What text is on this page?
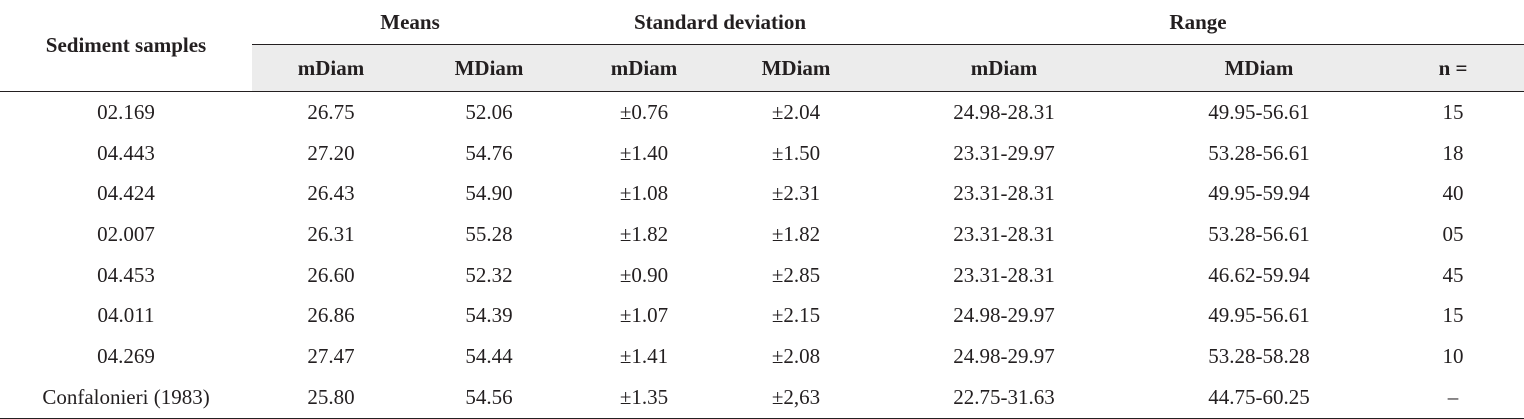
Sediment samples	Means		Standard deviation		Range		
	mDiam	MDiam	mDiam	MDiam	mDiam	MDiam	n =
02.169	26.75	52.06	±0.76	±2.04	24.98-28.31	49.95-56.61	15
04.443	27.20	54.76	±1.40	±1.50	23.31-29.97	53.28-56.61	18
04.424	26.43	54.90	±1.08	±2.31	23.31-28.31	49.95-59.94	40
02.007	26.31	55.28	±1.82	±1.82	23.31-28.31	53.28-56.61	05
04.453	26.60	52.32	±0.90	±2.85	23.31-28.31	46.62-59.94	45
04.011	26.86	54.39	±1.07	±2.15	24.98-29.97	49.95-56.61	15
04.269	27.47	54.44	±1.41	±2.08	24.98-29.97	53.28-58.28	10
Confalonieri (1983)	25.80	54.56	±1.35	±2,63	22.75-31.63	44.75-60.25	–
